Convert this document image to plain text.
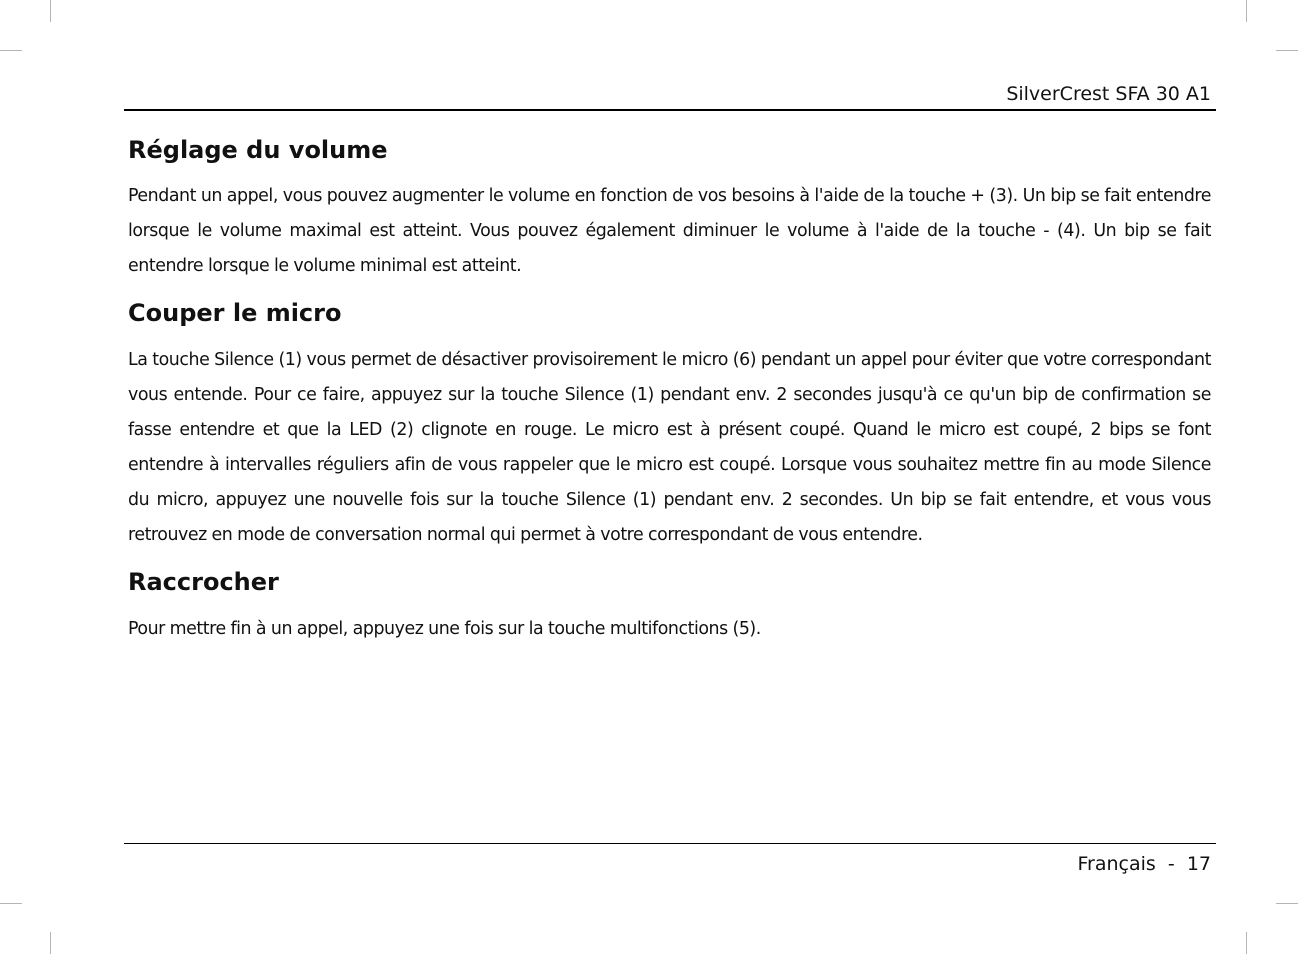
SilverCrest SFA 30 A1
Réglage du volume

Pendant un appel, vous pouvez augmenter le volume en fonction de vos besoins à l'aide de la touche + (3). Un bip se fait entendre lorsque le volume maximal est atteint. Vous pouvez également diminuer le volume à l'aide de la touche - (4). Un bip se fait entendre lorsque le volume minimal est atteint.

Couper le micro

La touche Silence (1) vous permet de désactiver provisoirement le micro (6) pendant un appel pour éviter que votre correspondant vous entende. Pour ce faire, appuyez sur la touche Silence (1) pendant env. 2 secondes jusqu'à ce qu'un bip de confirmation se fasse entendre et que la LED (2) clignote en rouge. Le micro est à présent coupé. Quand le micro est coupé, 2 bips se font entendre à intervalles réguliers afin de vous rappeler que le micro est coupé. Lorsque vous souhaitez mettre fin au mode Silence du micro, appuyez une nouvelle fois sur la touche Silence (1) pendant env. 2 secondes. Un bip se fait entendre, et vous vous retrouvez en mode de conversation normal qui permet à votre correspondant de vous entendre.

Raccrocher

Pour mettre fin à un appel, appuyez une fois sur la touche multifonctions (5).

Français  -  17
